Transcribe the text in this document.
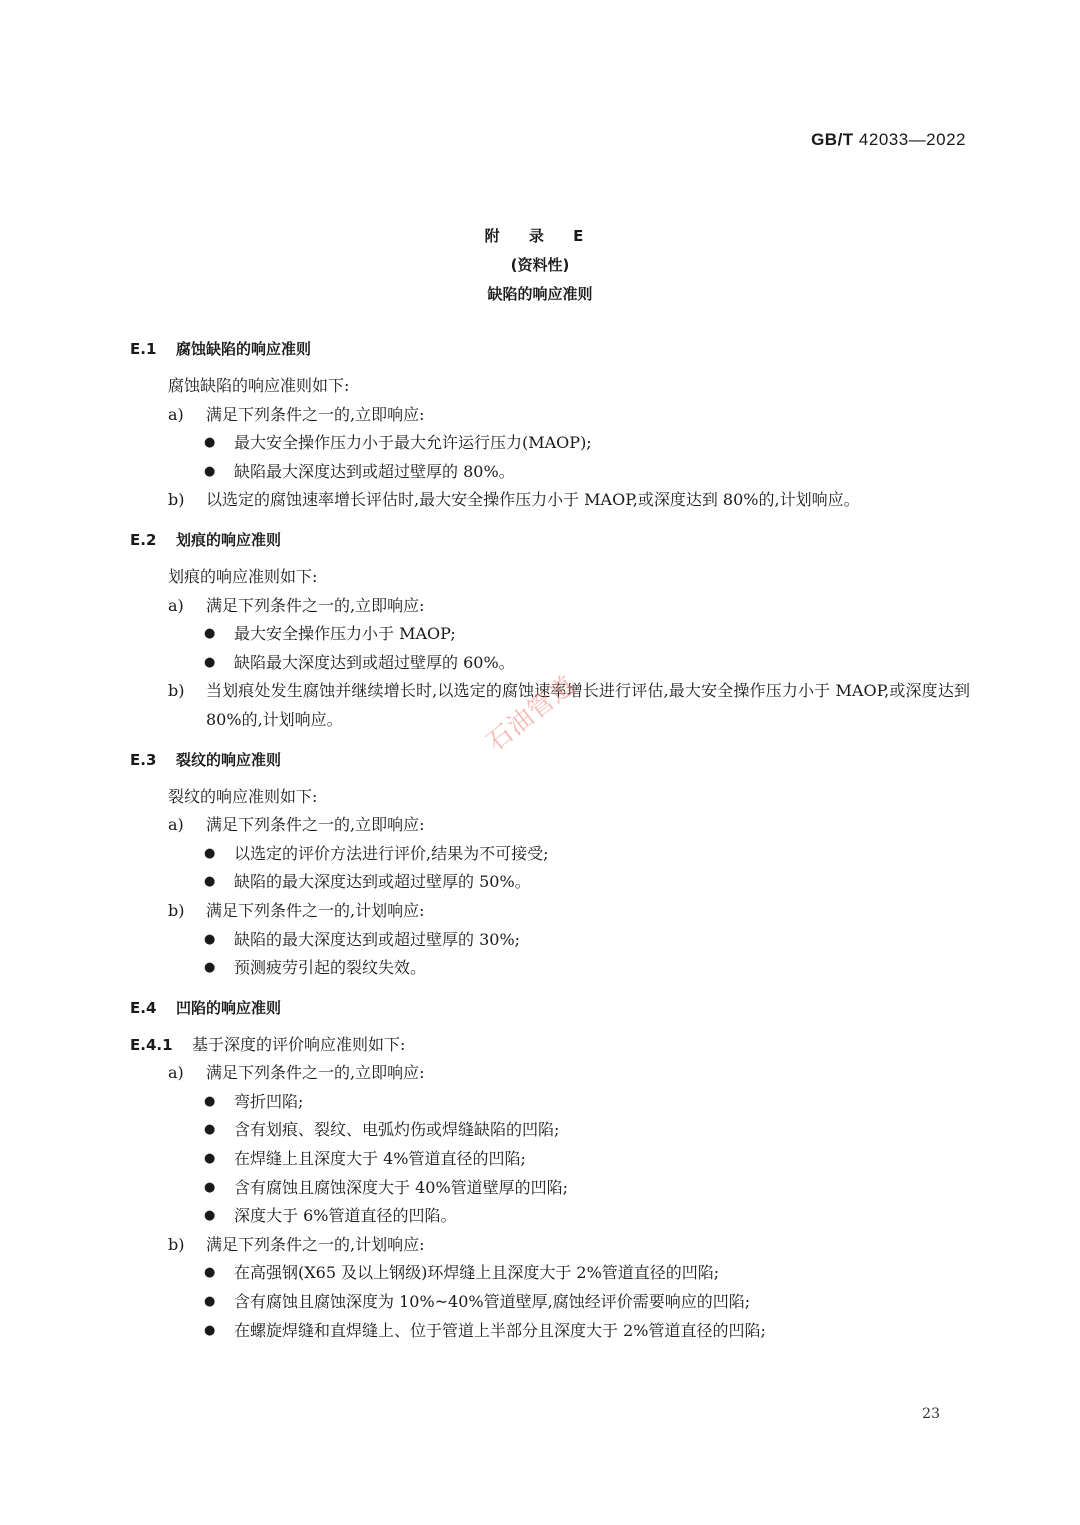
GB/T 42033—2022
附 录 E
(资料性)
缺陷的响应准则
E.1 腐蚀缺陷的响应准则
腐蚀缺陷的响应准则如下:
a)	满足下列条件之一的,立即响应:
●	最大安全操作压力小于最大允许运行压力(MAOP);
●	缺陷最大深度达到或超过壁厚的 80%。
b)	以选定的腐蚀速率增长评估时,最大安全操作压力小于 MAOP,或深度达到 80%的,计划响应。
E.2 划痕的响应准则
划痕的响应准则如下:
a)	满足下列条件之一的,立即响应:
●	最大安全操作压力小于 MAOP;
●	缺陷最大深度达到或超过壁厚的 60%。
b)	当划痕处发生腐蚀并继续增长时,以选定的腐蚀速率增长进行评估,最大安全操作压力小于 MAOP,或深度达到 80%的,计划响应。
E.3 裂纹的响应准则
裂纹的响应准则如下:
a)	满足下列条件之一的,立即响应:
●	以选定的评价方法进行评价,结果为不可接受;
●	缺陷的最大深度达到或超过壁厚的 50%。
b)	满足下列条件之一的,计划响应:
●	缺陷的最大深度达到或超过壁厚的 30%;
●	预测疲劳引起的裂纹失效。
E.4 凹陷的响应准则
E.4.1	基于深度的评价响应准则如下:
a)	满足下列条件之一的,立即响应:
●	弯折凹陷;
●	含有划痕、裂纹、电弧灼伤或焊缝缺陷的凹陷;
●	在焊缝上且深度大于 4%管道直径的凹陷;
●	含有腐蚀且腐蚀深度大于 40%管道壁厚的凹陷;
●	深度大于 6%管道直径的凹陷。
b)	满足下列条件之一的,计划响应:
●	在高强钢(X65 及以上钢级)环焊缝上且深度大于 2%管道直径的凹陷;
●	含有腐蚀且腐蚀深度为 10%~40%管道壁厚,腐蚀经评价需要响应的凹陷;
●	在螺旋焊缝和直焊缝上、位于管道上半部分且深度大于 2%管道直径的凹陷;
石油管道
23
